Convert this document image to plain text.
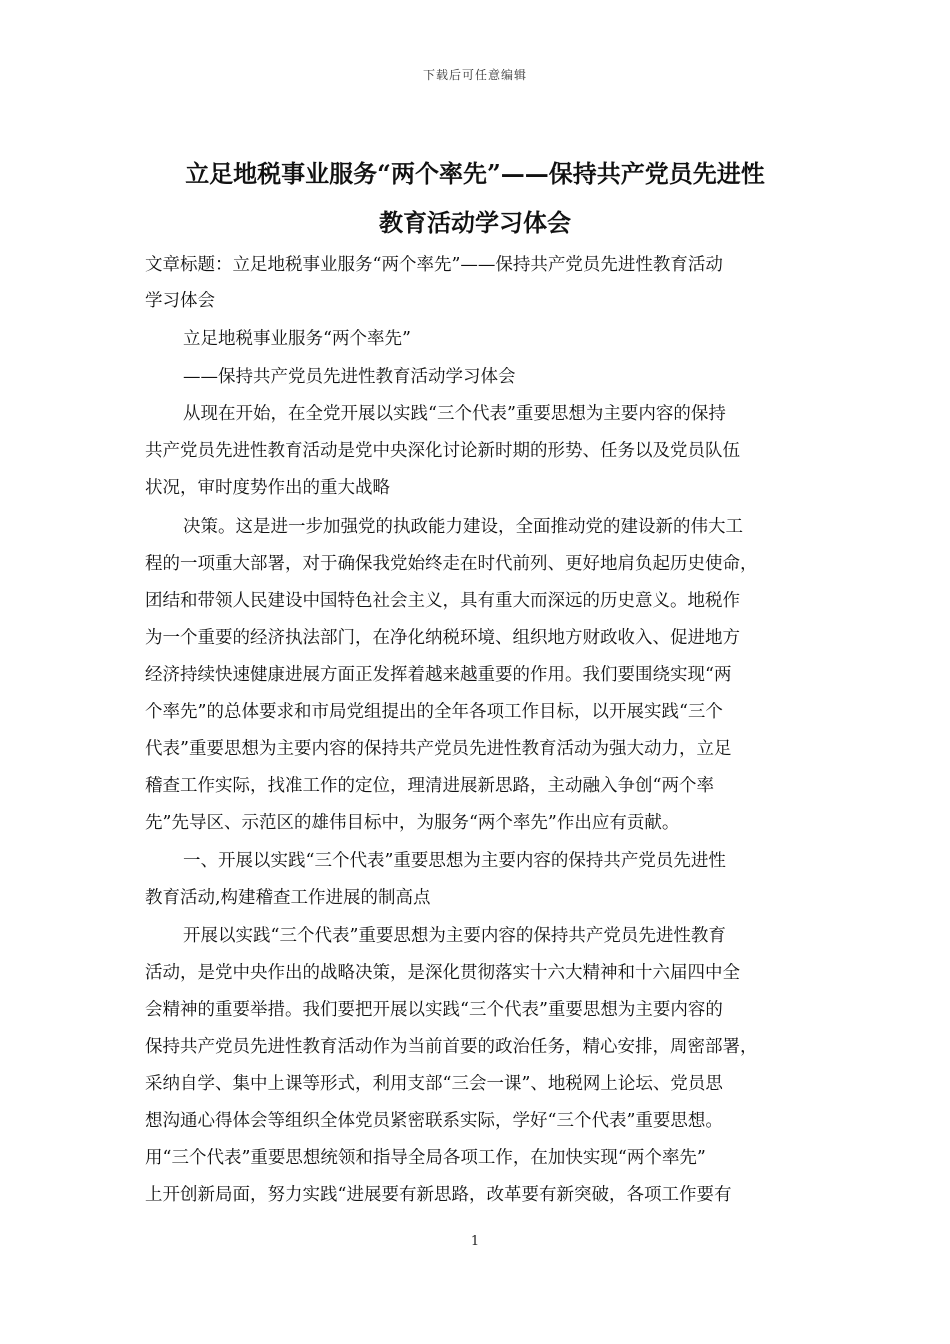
下载后可任意编辑
立足地税事业服务“两个率先”——保持共产党员先进性
教育活动学习体会
文章标题：立足地税事业服务“两个率先”——保持共产党员先进性教育活动
学习体会
立足地税事业服务“两个率先”
——保持共产党员先进性教育活动学习体会
从现在开始，在全党开展以实践“三个代表”重要思想为主要内容的保持
共产党员先进性教育活动是党中央深化讨论新时期的形势、任务以及党员队伍
状况，审时度势作出的重大战略
决策。这是进一步加强党的执政能力建设，全面推动党的建设新的伟大工
程的一项重大部署，对于确保我党始终走在时代前列、更好地肩负起历史使命，
团结和带领人民建设中国特色社会主义，具有重大而深远的历史意义。地税作
为一个重要的经济执法部门，在净化纳税环境、组织地方财政收入、促进地方
经济持续快速健康进展方面正发挥着越来越重要的作用。我们要围绕实现“两
个率先”的总体要求和市局党组提出的全年各项工作目标，以开展实践“三个
代表”重要思想为主要内容的保持共产党员先进性教育活动为强大动力，立足
稽查工作实际，找准工作的定位，理清进展新思路，主动融入争创“两个率
先”先导区、示范区的雄伟目标中，为服务“两个率先”作出应有贡献。
一、开展以实践“三个代表”重要思想为主要内容的保持共产党员先进性
教育活动,构建稽查工作进展的制高点
开展以实践“三个代表”重要思想为主要内容的保持共产党员先进性教育
活动，是党中央作出的战略决策，是深化贯彻落实十六大精神和十六届四中全
会精神的重要举措。我们要把开展以实践“三个代表”重要思想为主要内容的
保持共产党员先进性教育活动作为当前首要的政治任务，精心安排，周密部署，
采纳自学、集中上课等形式，利用支部“三会一课”、地税网上论坛、党员思
想沟通心得体会等组织全体党员紧密联系实际，学好“三个代表”重要思想。
用“三个代表”重要思想统领和指导全局各项工作，在加快实现“两个率先”
上开创新局面，努力实践“进展要有新思路，改革要有新突破，各项工作要有
1
